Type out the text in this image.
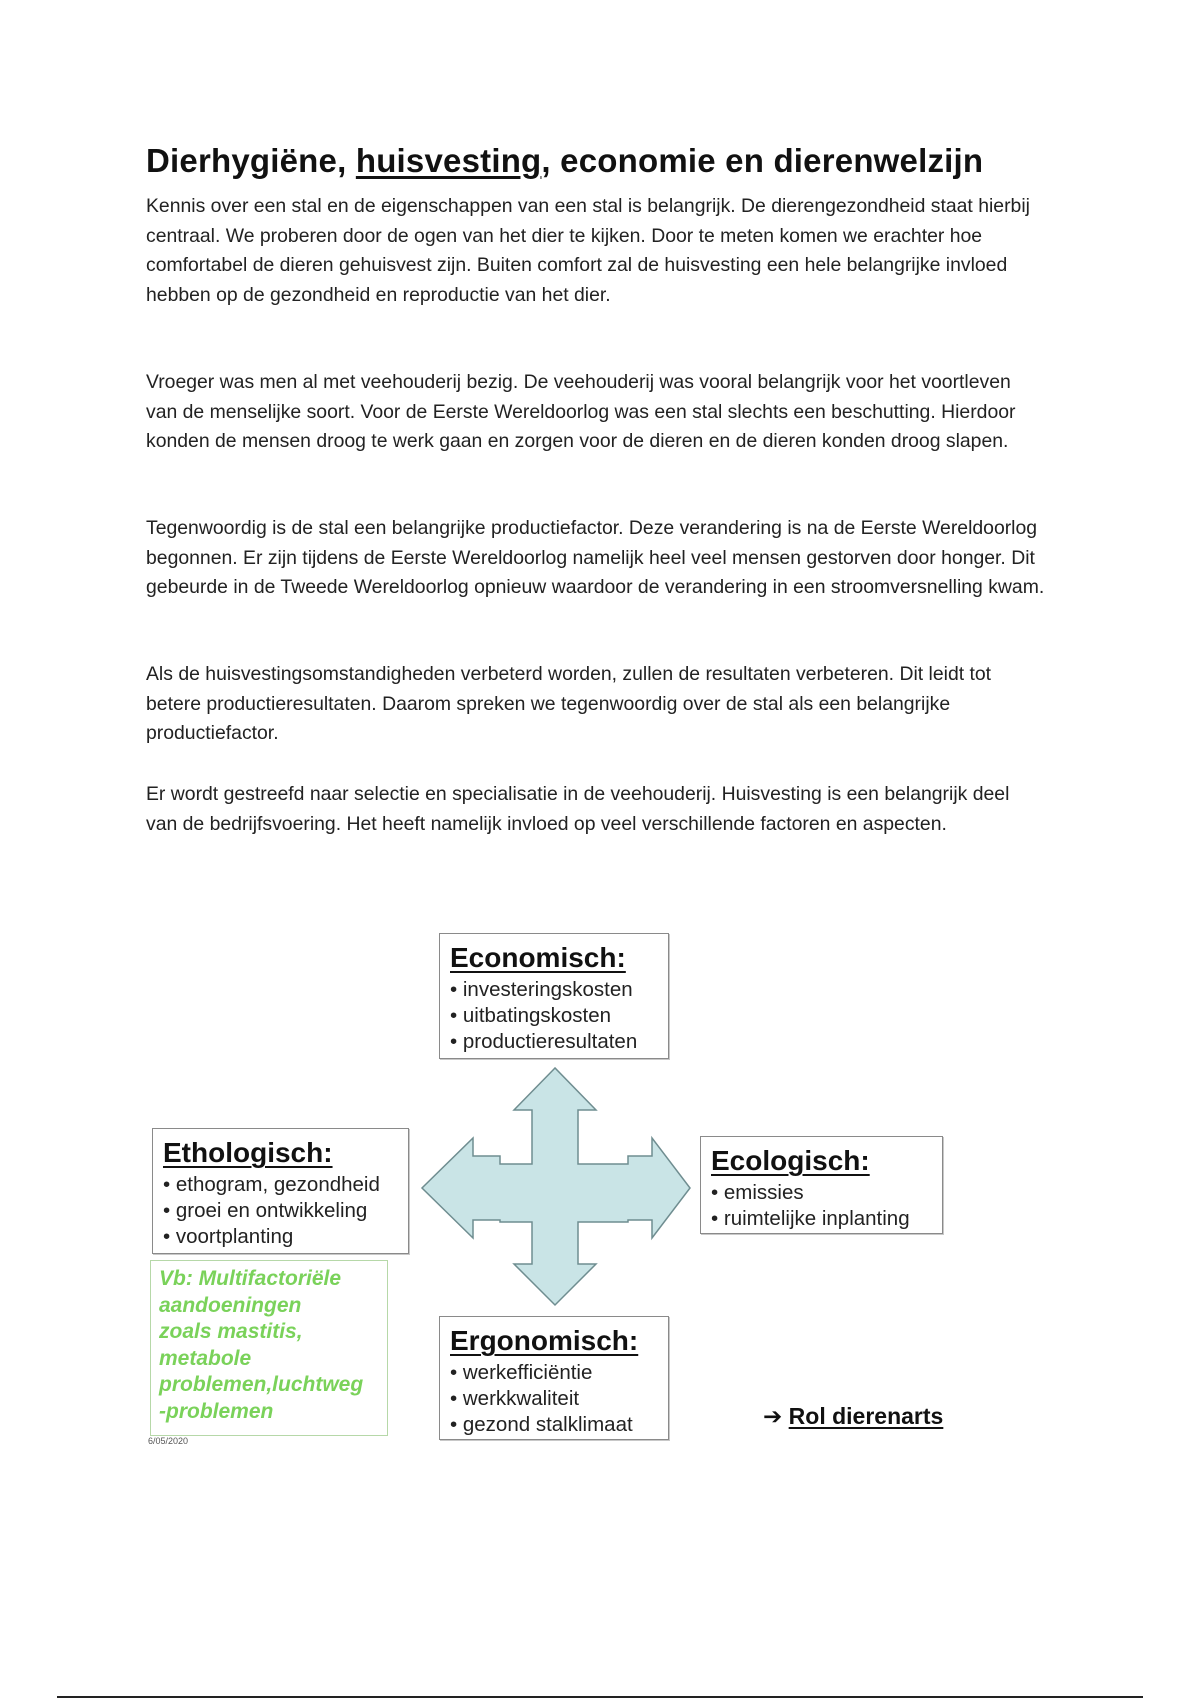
Dierhygiëne, huisvesting, economie en dierenwelzijn

Kennis over een stal en de eigenschappen van een stal is belangrijk. De dierengezondheid staat hierbij centraal. We proberen door de ogen van het dier te kijken. Door te meten komen we erachter hoe comfortabel de dieren gehuisvest zijn. Buiten comfort zal de huisvesting een hele belangrijke invloed hebben op de gezondheid en reproductie van het dier.

Vroeger was men al met veehouderij bezig. De veehouderij was vooral belangrijk voor het voortleven van de menselijke soort. Voor de Eerste Wereldoorlog was een stal slechts een beschutting. Hierdoor konden de mensen droog te werk gaan en zorgen voor de dieren en de dieren konden droog slapen.

Tegenwoordig is de stal een belangrijke productiefactor. Deze verandering is na de Eerste Wereldoorlog begonnen. Er zijn tijdens de Eerste Wereldoorlog namelijk heel veel mensen gestorven door honger. Dit gebeurde in de Tweede Wereldoorlog opnieuw waardoor de verandering in een stroomversnelling kwam.

Als de huisvestingsomstandigheden verbeterd worden, zullen de resultaten verbeteren. Dit leidt tot betere productieresultaten. Daarom spreken we tegenwoordig over de stal als een belangrijke productiefactor.

Er wordt gestreefd naar selectie en specialisatie in de veehouderij. Huisvesting is een belangrijk deel van de bedrijfsvoering. Het heeft namelijk invloed op veel verschillende factoren en aspecten.

Economisch:
• investeringskosten
• uitbatingskosten
• productieresultaten
Ethologisch:
• ethogram, gezondheid
• groei en ontwikkeling
• voortplanting
Ecologisch:
• emissies
• ruimtelijke inplanting
Ergonomisch:
• werkefficiëntie
• werkkwaliteit
• gezond stalklimaat
Vb: Multifactoriële
aandoeningen
zoals mastitis,
metabole
problemen,luchtweg
-problemen
6/05/2020
➔ Rol dierenarts
